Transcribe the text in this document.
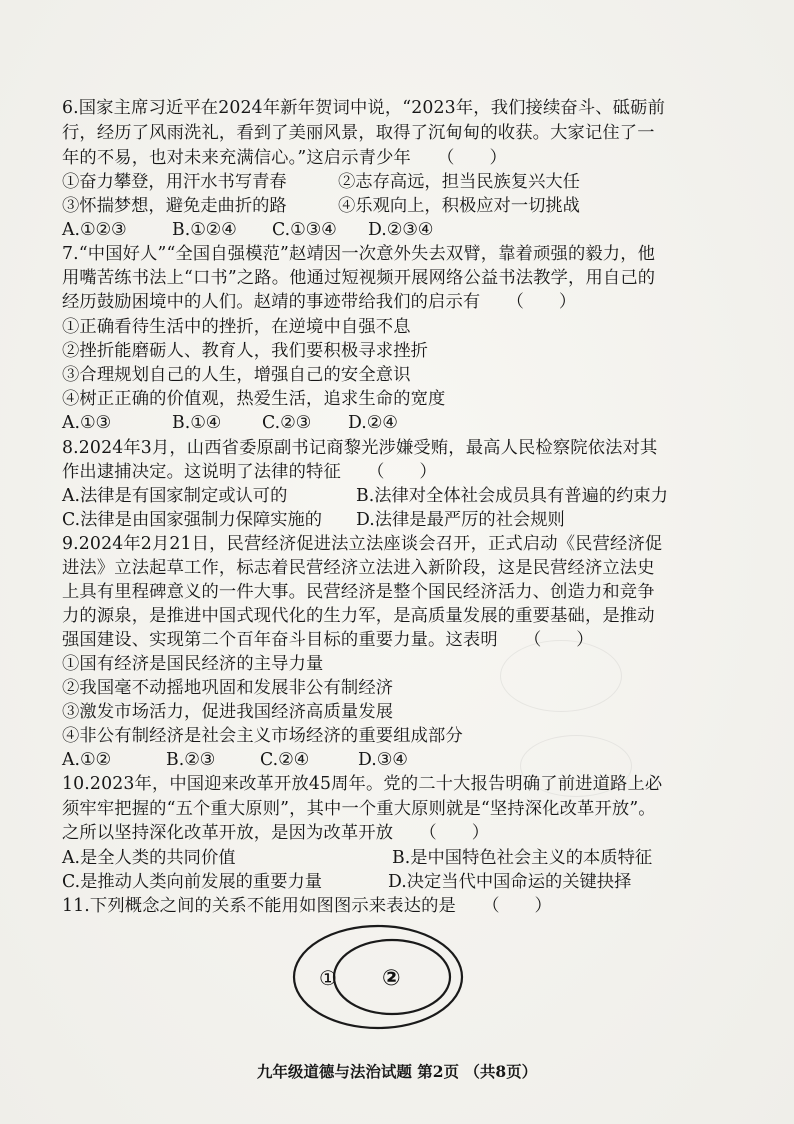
6.国家主席习近平在2024年新年贺词中说，“2023年，我们接续奋斗、砥砺前
行，经历了风雨洗礼，看到了美丽风景，取得了沉甸甸的收获。大家记住了一
年的不易，也对未来充满信心。”这启示青少年　　（　　）
①奋力攀登，用汗水书写青春	②志存高远，担当民族复兴大任
③怀揣梦想，避免走曲折的路	④乐观向上，积极应对一切挑战
A.①②③	B.①②④ C.①③④ D.②③④
7.“中国好人”“全国自强模范”赵靖因一次意外失去双臂，靠着顽强的毅力，他
用嘴苦练书法上“口书”之路。他通过短视频开展网络公益书法教学，用自己的
经历鼓励困境中的人们。赵靖的事迹带给我们的启示有　　（　　）
①正确看待生活中的挫折，在逆境中自强不息
②挫折能磨砺人、教育人，我们要积极寻求挫折
③合理规划自己的人生，增强自己的安全意识
④树正正确的价值观，热爱生活，追求生命的宽度
A.①③	B.①④ C.②③ D.②④
8.2024年3月，山西省委原副书记商黎光涉嫌受贿，最高人民检察院依法对其
作出逮捕决定。这说明了法律的特征　　（　　）
A.法律是有国家制定或认可的	B.法律对全体社会成员具有普遍的约束力
C.法律是由国家强制力保障实施的 D.法律是最严厉的社会规则
9.2024年2月21日，民营经济促进法立法座谈会召开，正式启动《民营经济促
进法》立法起草工作，标志着民营经济立法进入新阶段，这是民营经济立法史
上具有里程碑意义的一件大事。民营经济是整个国民经济活力、创造力和竞争
力的源泉，是推进中国式现代化的生力军，是高质量发展的重要基础，是推动
强国建设、实现第二个百年奋斗目标的重要力量。这表明　　（　　）
①国有经济是国民经济的主导力量
②我国毫不动摇地巩固和发展非公有制经济
③激发市场活力，促进我国经济高质量发展
④非公有制经济是社会主义市场经济的重要组成部分
A.①②	B.②③	C.②④	D.③④
10.2023年，中国迎来改革开放45周年。党的二十大报告明确了前进道路上必
须牢牢把握的“五个重大原则”，其中一个重大原则就是“坚持深化改革开放”。
之所以坚持深化改革开放，是因为改革开放　　（　　）
A.是全人类的共同价值	B.是中国特色社会主义的本质特征
C.是推动人类向前发展的重要力量	D.决定当代中国命运的关键抉择
11.下列概念之间的关系不能用如图图示来表达的是　　（　　）
① ②
九年级道德与法治试题 第2页 （共8页）
